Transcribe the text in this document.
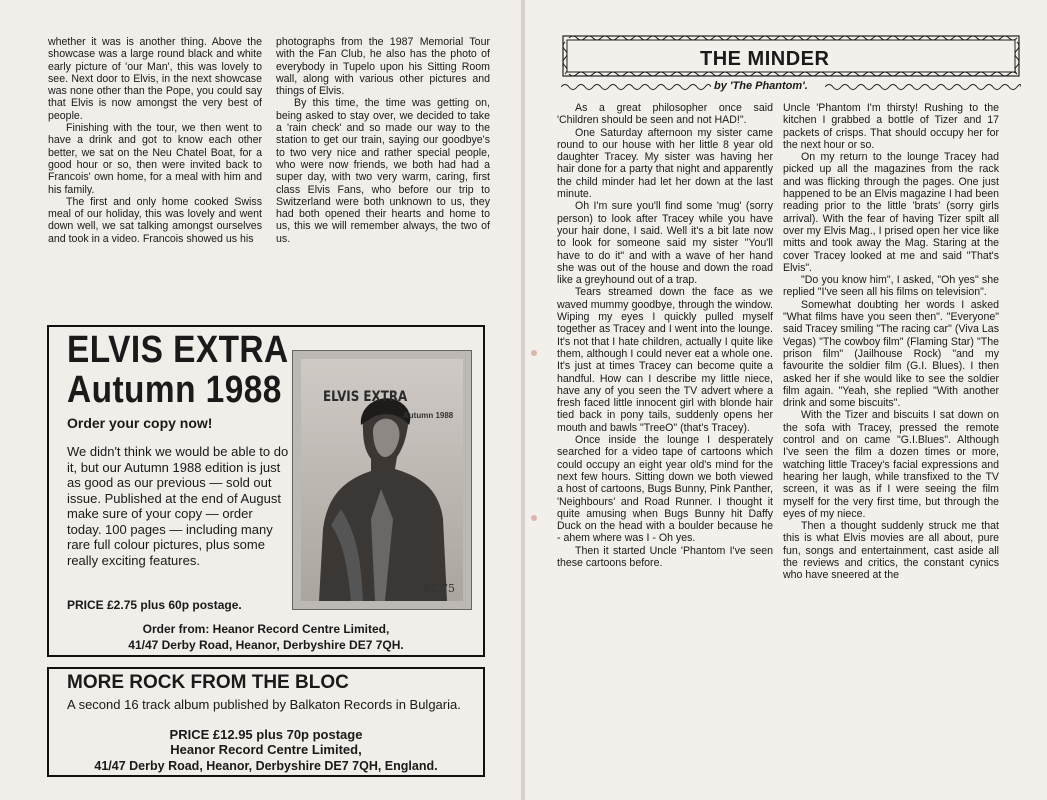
whether it was is another thing. Above the showcase was a large round black and white early picture of 'our Man', this was lovely to see. Next door to Elvis, in the next showcase was none other than the Pope, you could say that Elvis is now amongst the very best of people.

Finishing with the tour, we then went to have a drink and got to know each other better, we sat on the Neu Chatel Boat, for a good hour or so, then were invited back to Francois' own home, for a meal with him and his family.

The first and only home cooked Swiss meal of our holiday, this was lovely and went down well, we sat talking amongst ourselves and took in a video. Francois showed us his

photographs from the 1987 Memorial Tour with the Fan Club, he also has the photo of everybody in Tupelo upon his Sitting Room wall, along with various other pictures and things of Elvis.

By this time, the time was getting on, being asked to stay over, we decided to take a 'rain check' and so made our way to the station to get our train, saying our goodbye's to two very nice and rather special people, who were now friends, we both had had a super day, with two very warm, caring, first class Elvis Fans, who before our trip to Switzerland were both unknown to us, they had both opened their hearts and home to us, this we will remember always, the two of us.

ELVIS EXTRA
Autumn 1988
Order your copy now!
We didn't think we would be able to do it, but our Autumn 1988 edition is just as good as our previous — sold out issue. Published at the end of August make sure of your copy — order today. 100 pages — including many rare full colour pictures, plus some really exciting features.
PRICE £2.75 plus 60p postage.
Order from: Heanor Record Centre Limited,
41/47 Derby Road, Heanor, Derbyshire DE7 7QH.
ELVIS EXTRA
Autumn 1988
£2.75
MORE ROCK FROM THE BLOC
A second 16 track album published by Balkaton Records in Bulgaria.
PRICE £12.95 plus 70p postage
Heanor Record Centre Limited,
41/47 Derby Road, Heanor, Derbyshire DE7 7QH, England.
THE MINDER
by 'The Phantom'.

As a great philosopher once said 'Children should be seen and not HAD!".

One Saturday afternoon my sister came round to our house with her little 8 year old daughter Tracey. My sister was having her hair done for a party that night and apparently the child minder had let her down at the last minute.

Oh I'm sure you'll find some 'mug' (sorry person) to look after Tracey while you have your hair done, I said. Well it's a bit late now to look for someone said my sister "You'll have to do it" and with a wave of her hand she was out of the house and down the road like a greyhound out of a trap.

Tears streamed down the face as we waved mummy goodbye, through the window. Wiping my eyes I quickly pulled myself together as Tracey and I went into the lounge. It's not that I hate children, actually I quite like them, although I could never eat a whole one. It's just at times Tracey can become quite a handful. How can I describe my little niece, have any of you seen the TV advert where a fresh faced little innocent girl with blonde hair tied back in pony tails, suddenly opens her mouth and bawls "TreeO" (that's Tracey).

Once inside the lounge I desperately searched for a video tape of cartoons which could occupy an eight year old's mind for the next few hours. Sitting down we both viewed a host of cartoons, Bugs Bunny, Pink Panther, 'Neighbours' and Road Runner. I thought it quite amusing when Bugs Bunny hit Daffy Duck on the head with a boulder because he - ahem where was I - Oh yes.

Then it started Uncle 'Phantom I've seen these cartoons before.

Uncle 'Phantom I'm thirsty! Rushing to the kitchen I grabbed a bottle of Tizer and 17 packets of crisps. That should occupy her for the next hour or so.

On my return to the lounge Tracey had picked up all the magazines from the rack and was flicking through the pages. One just happened to be an Elvis magazine I had been reading prior to the little 'brats' (sorry girls arrival). With the fear of having Tizer spilt all over my Elvis Mag., I prised open her vice like mitts and took away the Mag. Staring at the cover Tracey looked at me and said "That's Elvis".

"Do you know him", I asked, "Oh yes" she replied "I've seen all his films on television".

Somewhat doubting her words I asked "What films have you seen then". "Everyone" said Tracey smiling "The racing car" (Viva Las Vegas) "The cowboy film" (Flaming Star) "The prison film" (Jailhouse Rock) "and my favourite the soldier film (G.I. Blues). I then asked her if she would like to see the soldier film again. "Yeah, she replied "With another drink and some biscuits".

With the Tizer and biscuits I sat down on the sofa with Tracey, pressed the remote control and on came "G.I.Blues". Although I've seen the film a dozen times or more, watching little Tracey's facial expressions and hearing her laugh, while transfixed to the TV screen, it was as if I were seeing the film myself for the very first time, but through the eyes of my niece.

Then a thought suddenly struck me that this is what Elvis movies are all about, pure fun, songs and entertainment, cast aside all the reviews and critics, the constant cynics who have sneered at the
